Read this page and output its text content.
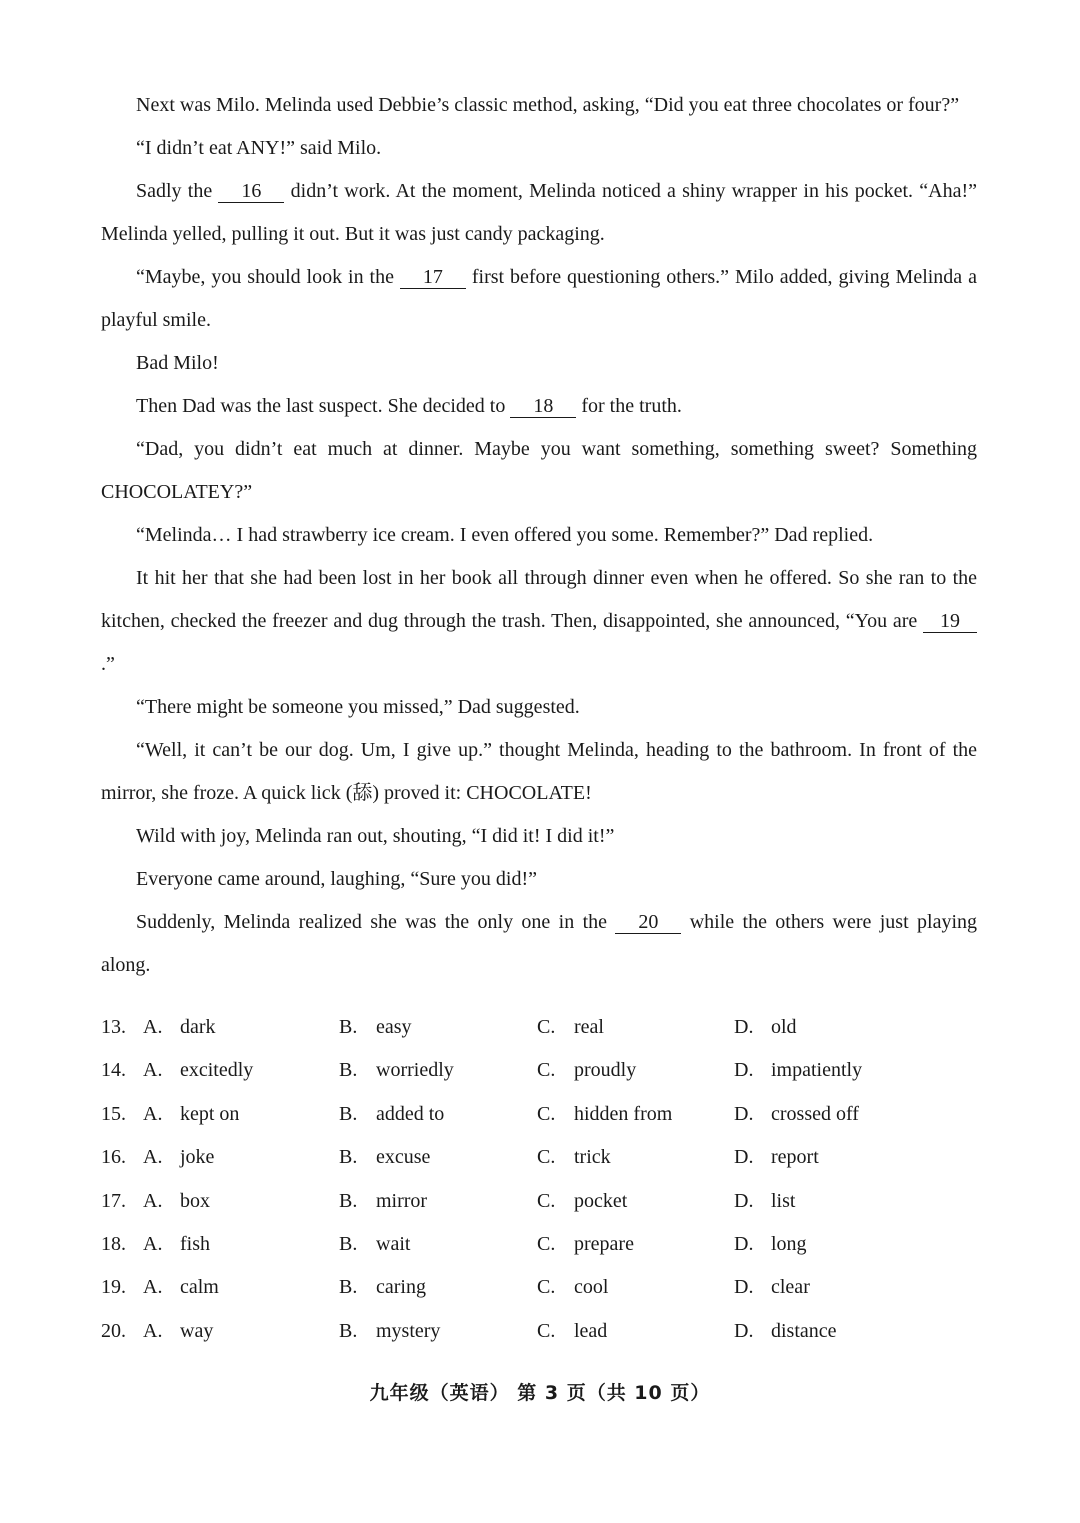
Next was Milo. Melinda used Debbie’s classic method, asking, “Did you eat three chocolates or four?”

“I didn’t eat ANY!” said Milo.

Sadly the 16 didn’t work. At the moment, Melinda noticed a shiny wrapper in his pocket. “Aha!” Melinda yelled, pulling it out. But it was just candy packaging.

“Maybe, you should look in the 17 first before questioning others.” Milo added, giving Melinda a playful smile.

Bad Milo!

Then Dad was the last suspect. She decided to 18 for the truth.

“Dad, you didn’t eat much at dinner. Maybe you want something, something sweet? Something CHOCOLATEY?”

“Melinda… I had strawberry ice cream. I even offered you some. Remember?” Dad replied.

It hit her that she had been lost in her book all through dinner even when he offered. So she ran to the kitchen, checked the freezer and dug through the trash. Then, disappointed, she announced, “You are 19.”

“There might be someone you missed,” Dad suggested.

“Well, it can’t be our dog. Um, I give up.” thought Melinda, heading to the bathroom. In front of the mirror, she froze. A quick lick (舔) proved it: CHOCOLATE!

Wild with joy, Melinda ran out, shouting, “I did it! I did it!”

Everyone came around, laughing, “Sure you did!”

Suddenly, Melinda realized she was the only one in the 20 while the others were just playing along.

13. A. dark	B. easy	C. real	D. old
14. A. excitedly	B. worriedly	C. proudly	D. impatiently
15. A. kept on	B. added to	C. hidden from	D. crossed off
16. A. joke	B. excuse	C. trick	D. report
17. A. box	B. mirror	C. pocket	D. list
18. A. fish	B. wait	C. prepare	D. long
19. A. calm	B. caring	C. cool	D. clear
20. A. way	B. mystery	C. lead	D. distance
九年级（英语） 第 3 页（共 10 页）
